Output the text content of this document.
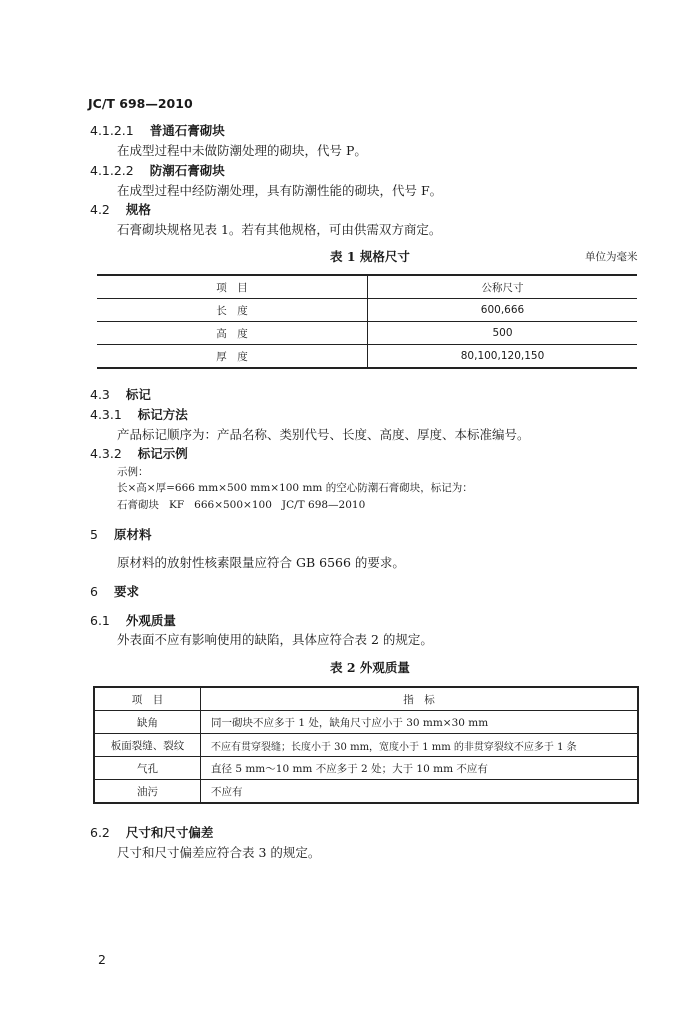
JC/T 698—2010
4.1.2.1 普通石膏砌块
在成型过程中未做防潮处理的砌块，代号 P。
4.1.2.2 防潮石膏砌块
在成型过程中经防潮处理，具有防潮性能的砌块，代号 F。
4.2 规格
石膏砌块规格见表 1。若有其他规格，可由供需双方商定。
表 1 规格尺寸	单位为毫米
项　目	公称尺寸
长　度	600,666
高　度	500
厚　度	80,100,120,150
4.3 标记
4.3.1 标记方法
产品标记顺序为：产品名称、类别代号、长度、高度、厚度、本标准编号。
4.3.2 标记示例
示例：
长×高×厚=666 mm×500 mm×100 mm 的空心防潮石膏砌块，标记为：
石膏砌块   KF   666×500×100   JC/T 698—2010
5 原材料
原材料的放射性核素限量应符合 GB 6566 的要求。
6 要求
6.1 外观质量
外表面不应有影响使用的缺陷，具体应符合表 2 的规定。
表 2 外观质量
项　目	指　标
缺角	同一砌块不应多于 1 处，缺角尺寸应小于 30 mm×30 mm
板面裂缝、裂纹	不应有贯穿裂缝；长度小于 30 mm，宽度小于 1 mm 的非贯穿裂纹不应多于 1 条
气孔	直径 5 mm～10 mm 不应多于 2 处；大于 10 mm 不应有
油污	不应有
6.2 尺寸和尺寸偏差
尺寸和尺寸偏差应符合表 3 的规定。
2
